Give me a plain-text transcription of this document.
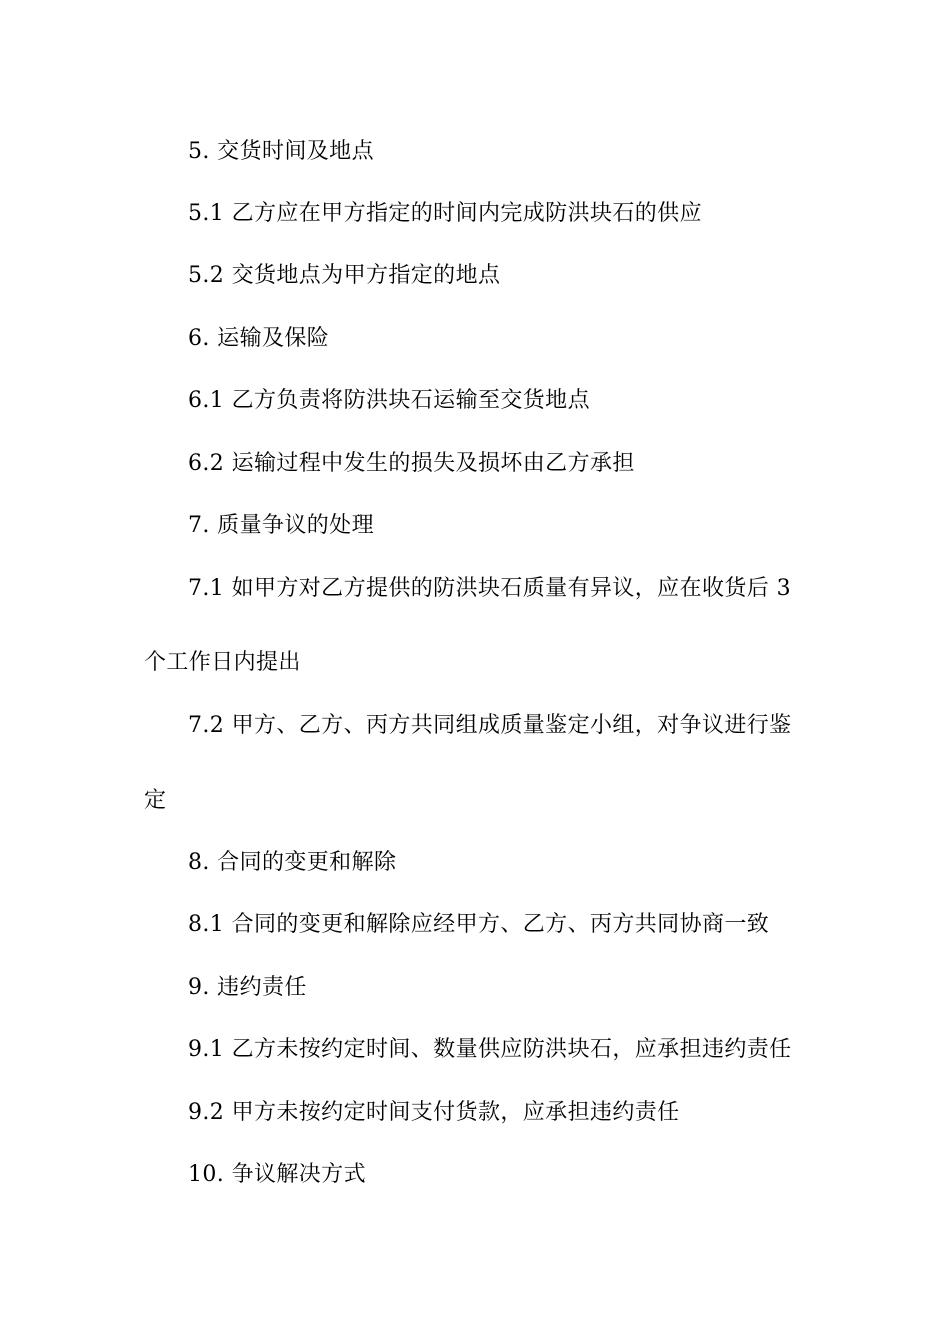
5. 交货时间及地点
5.1 乙方应在甲方指定的时间内完成防洪块石的供应
5.2 交货地点为甲方指定的地点
6. 运输及保险
6.1 乙方负责将防洪块石运输至交货地点
6.2 运输过程中发生的损失及损坏由乙方承担
7. 质量争议的处理
7.1 如甲方对乙方提供的防洪块石质量有异议，应在收货后 3
个工作日内提出
7.2 甲方、乙方、丙方共同组成质量鉴定小组，对争议进行鉴
定
8. 合同的变更和解除
8.1 合同的变更和解除应经甲方、乙方、丙方共同协商一致
9. 违约责任
9.1 乙方未按约定时间、数量供应防洪块石，应承担违约责任
9.2 甲方未按约定时间支付货款，应承担违约责任
10. 争议解决方式
